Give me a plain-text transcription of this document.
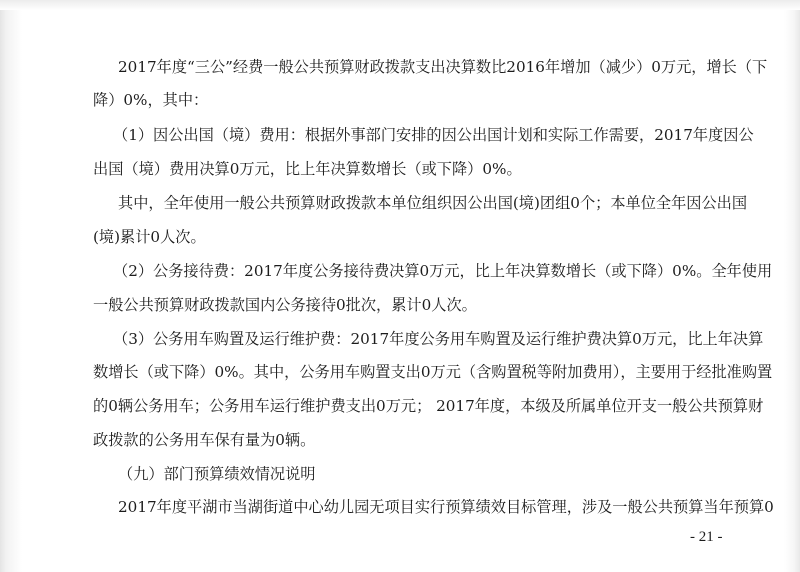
2017年度“三公”经费一般公共预算财政拨款支出决算数比2016年增加（减少）0万元，增长（下
降）0%，其中：
（1）因公出国（境）费用：根据外事部门安排的因公出国计划和实际工作需要，2017年度因公
出国（境）费用决算0万元，比上年决算数增长（或下降）0%。
其中，全年使用一般公共预算财政拨款本单位组织因公出国(境)团组0个；本单位全年因公出国
(境)累计0人次。
（2）公务接待费：2017年度公务接待费决算0万元，比上年决算数增长（或下降）0%。全年使用
一般公共预算财政拨款国内公务接待0批次，累计0人次。
（3）公务用车购置及运行维护费：2017年度公务用车购置及运行维护费决算0万元，比上年决算
数增长（或下降）0%。其中，公务用车购置支出0万元（含购置税等附加费用），主要用于经批准购置
的0辆公务用车；公务用车运行维护费支出0万元； 2017年度，本级及所属单位开支一般公共预算财
政拨款的公务用车保有量为0辆。
（九）部门预算绩效情况说明
2017年度平湖市当湖街道中心幼儿园无项目实行预算绩效目标管理，涉及一般公共预算当年预算0
- 21 -
